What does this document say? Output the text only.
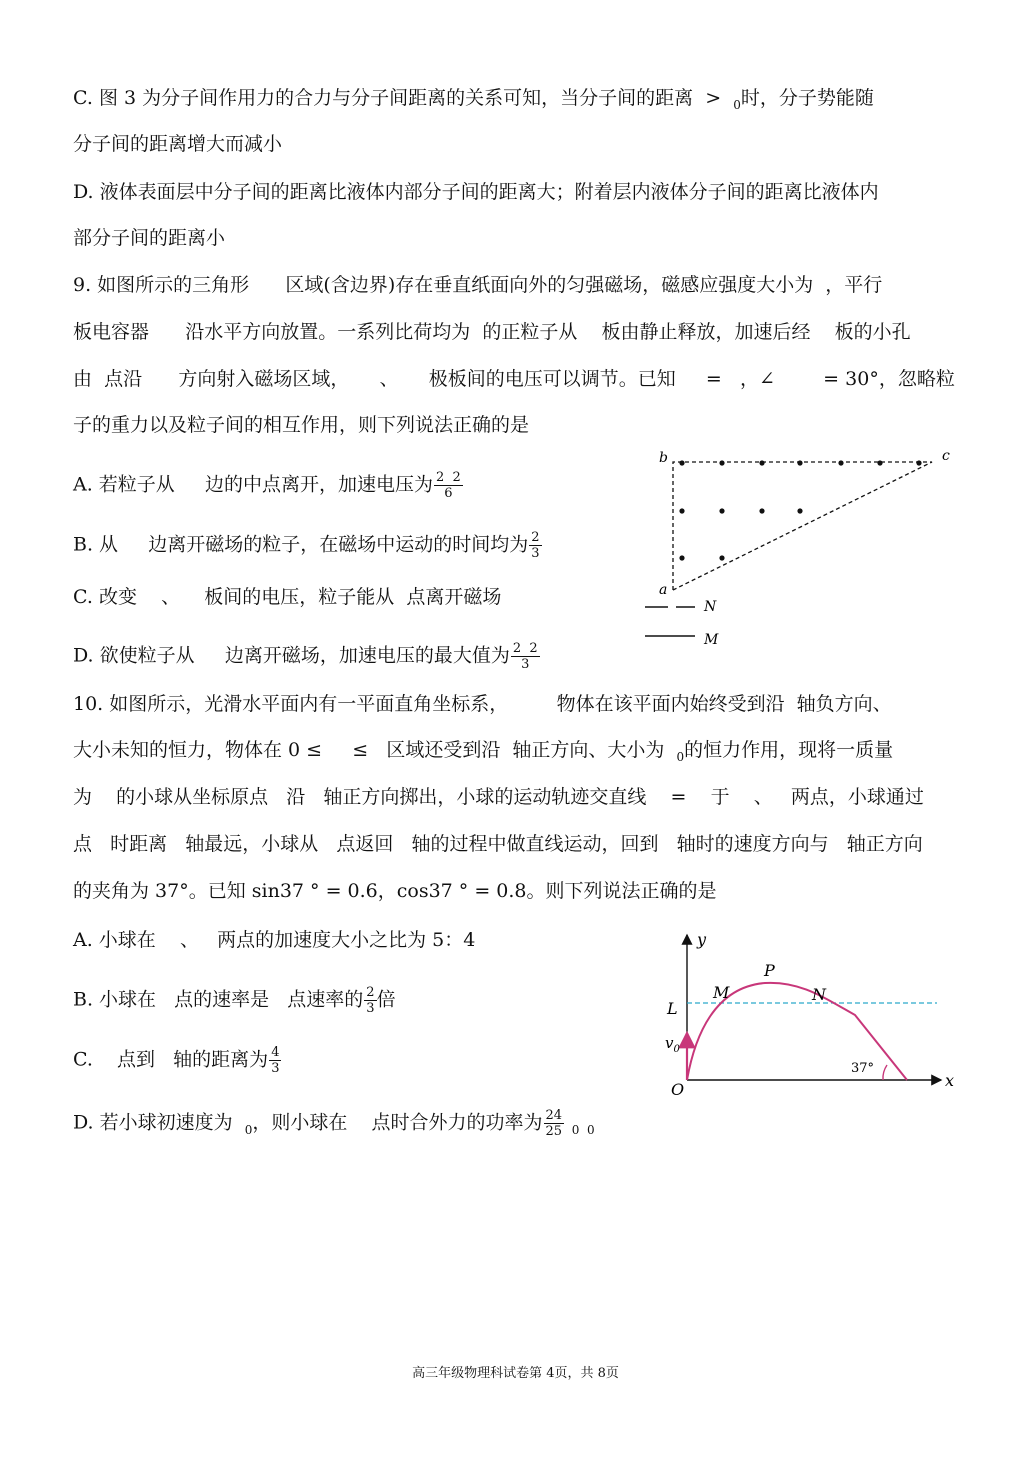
C. 图 3 为分子间作用力的合力与分子间距离的关系可知，当分子间的距离  >  $_0$时，分子势能随
分子间的距离增大而减小
D. 液体表面层中分子间的距离比液体内部分子间的距离大；附着层内液体分子间的距离比液体内
部分子间的距离小
9. 如图所示的三角形      区域(含边界)存在垂直纸面向外的匀强磁场，磁感应强度大小为  ，平行
板电容器      沿水平方向放置。一系列比荷均为  的正粒子从    板由静止释放，加速后经    板的小孔
由  点沿      方向射入磁场区域，     、     极板间的电压可以调节。已知     =   ，∠        = 30°，忽略粒
子的重力以及粒子间的相互作用，则下列说法正确的是
A. 若粒子从     边的中点离开，加速电压为 $\frac{2 2}{6}$
B. 从     边离开磁场的粒子，在磁场中运动的时间均为 $\frac{2}{3}$
C. 改变    、    板间的电压，粒子能从  点离开磁场
D. 欲使粒子从     边离开磁场，加速电压的最大值为 $\frac{2 2}{3}$
b	c
a
N
M
10. 如图所示，光滑水平面内有一平面直角坐标系，        物体在该平面内始终受到沿  轴负方向、
大小未知的恒力，物体在 0 ≤     ≤   区域还受到沿  轴正方向、大小为  $_0$的恒力作用，现将一质量
为    的小球从坐标原点   沿   轴正方向掷出，小球的运动轨迹交直线    =    于    、   两点，小球通过
点   时距离   轴最远，小球从   点返回   轴的过程中做直线运动，回到   轴时的速度方向与   轴正方向
的夹角为 37°。已知 sin37 ° = 0.6，cos37 ° = 0.8。则下列说法正确的是
A. 小球在    、   两点的加速度大小之比为 5：4
B. 小球在   点的速率是   点速率的 $\frac{2}{3}$ 倍
C.    点到   轴的距离为 $\frac{4}{3}$
D. 若小球初速度为  $_0$，则小球在    点时合外力的功率为 $\frac{24}{25} _{0 0}$
y
x
O
L
$v_0$
M
P
N
37°
高三年级物理科试卷第 4页，共 8页
